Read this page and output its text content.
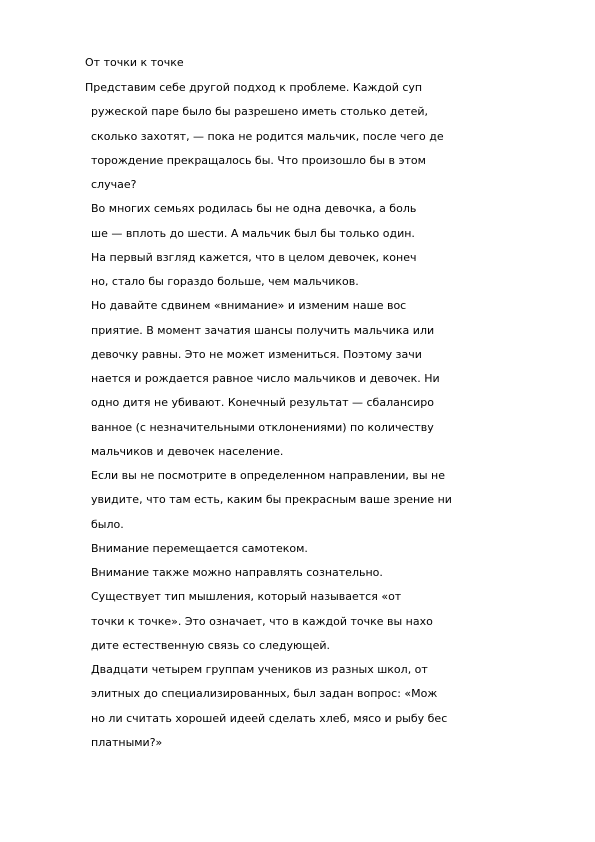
От точки к точке
Представим себе другой подход к проблеме. Каждой суп
ружеской паре было бы разрешено иметь столько детей,
сколько захотят, — пока не родится мальчик, после чего де
торождение прекращалось бы. Что произошло бы в этом
случае?
Во многих семьях родилась бы не одна девочка, а боль
ше — вплоть до шести. А мальчик был бы только один.
На первый взгляд кажется, что в целом девочек, конеч
но, стало бы гораздо больше, чем мальчиков.
Но давайте сдвинем «внимание» и изменим наше вос
приятие. В момент зачатия шансы получить мальчика или
девочку равны. Это не может измениться. Поэтому зачи
нается и рождается равное число мальчиков и девочек. Ни
одно дитя не убивают. Конечный результат — сбалансиро
ванное (с незначительными отклонениями) по количеству
мальчиков и девочек население.
Если вы не посмотрите в определенном направлении, вы не
увидите, что там есть, каким бы прекрасным ваше зрение ни
было.
Внимание перемещается самотеком.
Внимание также можно направлять сознательно.
Существует тип мышления, который называется «от
точки к точке». Это означает, что в каждой точке вы нахо
дите естественную связь со следующей.
Двадцати четырем группам учеников из разных школ, от
элитных до специализированных, был задан вопрос: «Мож
но ли считать хорошей идеей сделать хлеб, мясо и рыбу бес
платными?»
